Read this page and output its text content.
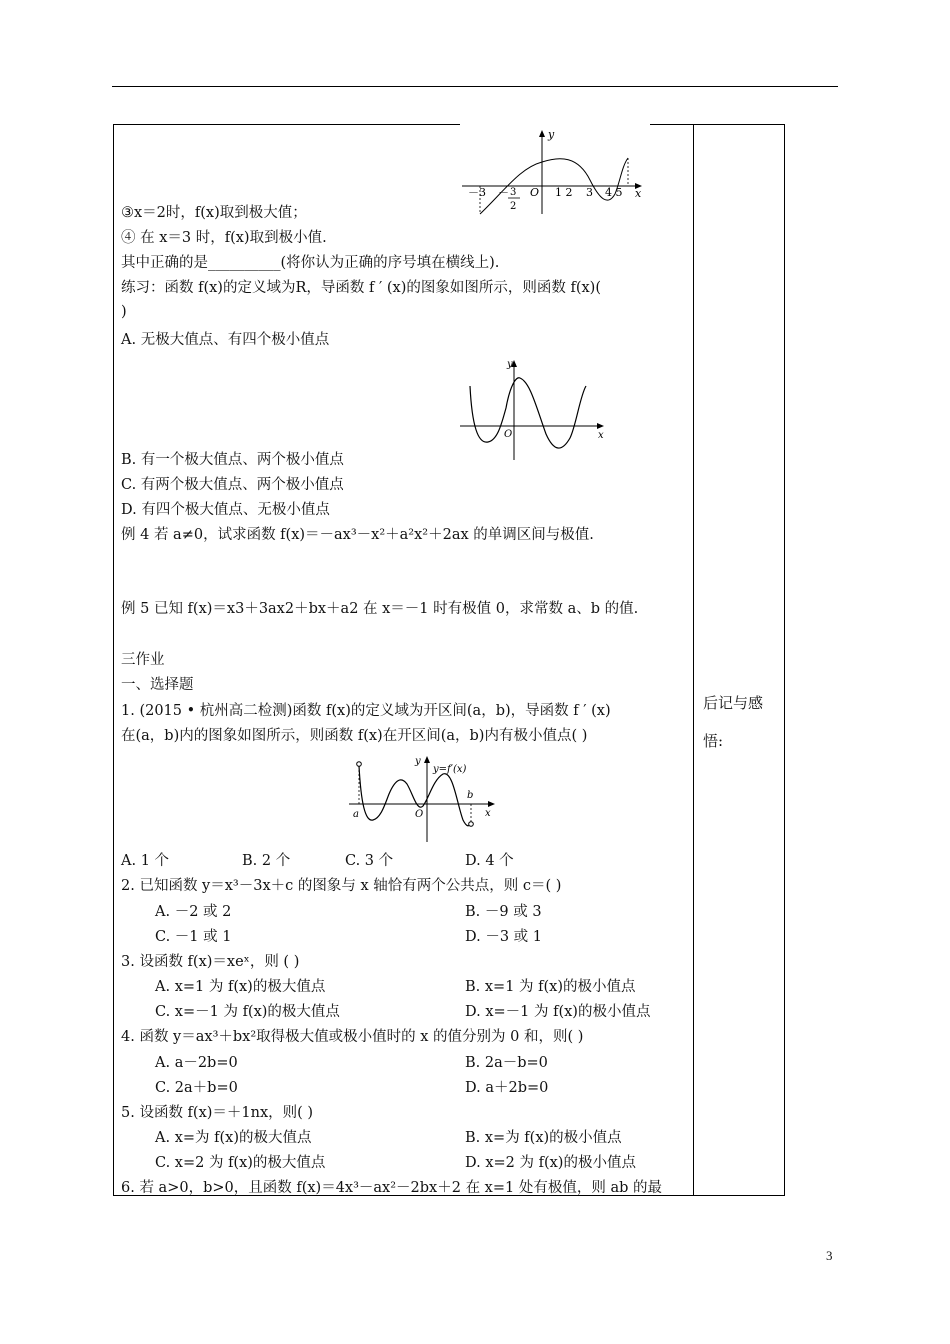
y
x
－3 － 3
2
O 1 2 3 4 5
③x＝2时，f(x)取到极大值；
④ 在 x＝3 时，f(x)取到极小值.
其中正确的是__________(将你认为正确的序号填在横线上).
练习：函数 f(x)的定义域为R，导函数 f ′ (x)的图象如图所示，则函数 f(x)(
)
A. 无极大值点、有四个极小值点
y
x
O
B. 有一个极大值点、两个极小值点
C. 有两个极大值点、两个极小值点
D. 有四个极大值点、无极小值点
例 4 若 a≠0，试求函数 f(x)＝－ax³－x²＋a²x²＋2ax 的单调区间与极值.
例 5 已知 f(x)＝x3＋3ax2＋bx＋a2 在 x＝－1 时有极值 0，求常数 a、b 的值.
三作业
一、选择题
1. (2015 • 杭州高二检测)函数 f(x)的定义域为开区间(a，b)，导函数 f ′ (x)
在(a，b)内的图象如图所示，则函数 f(x)在开区间(a，b)内有极小值点( )
y
y=f′(x)
x
O
a
b
A. 1 个	B. 2 个	C. 3 个	D. 4 个
2. 已知函数 y＝x³－3x＋c 的图象与 x 轴恰有两个公共点，则 c＝( )
A. －2 或 2	B. －9 或 3
C. －1 或 1	D. －3 或 1
3. 设函数 f(x)＝xeˣ，则 ( )
A. x=1 为 f(x)的极大值点	B. x=1 为 f(x)的极小值点
C. x=－1 为 f(x)的极大值点	D. x=－1 为 f(x)的极小值点
4. 函数 y＝ax³＋bx²取得极大值或极小值时的 x 的值分别为 0 和，则( )
A. a－2b=0	B. 2a－b=0
C. 2a＋b=0	D. a＋2b=0
5. 设函数 f(x)＝＋1nx，则( )
A. x=为 f(x)的极大值点	B. x=为 f(x)的极小值点
C. x=2 为 f(x)的极大值点	D. x=2 为 f(x)的极小值点
6. 若 a>0，b>0，且函数 f(x)＝4x³－ax²－2bx＋2 在 x=1 处有极值，则 ab 的最
后记与感
悟:
3
